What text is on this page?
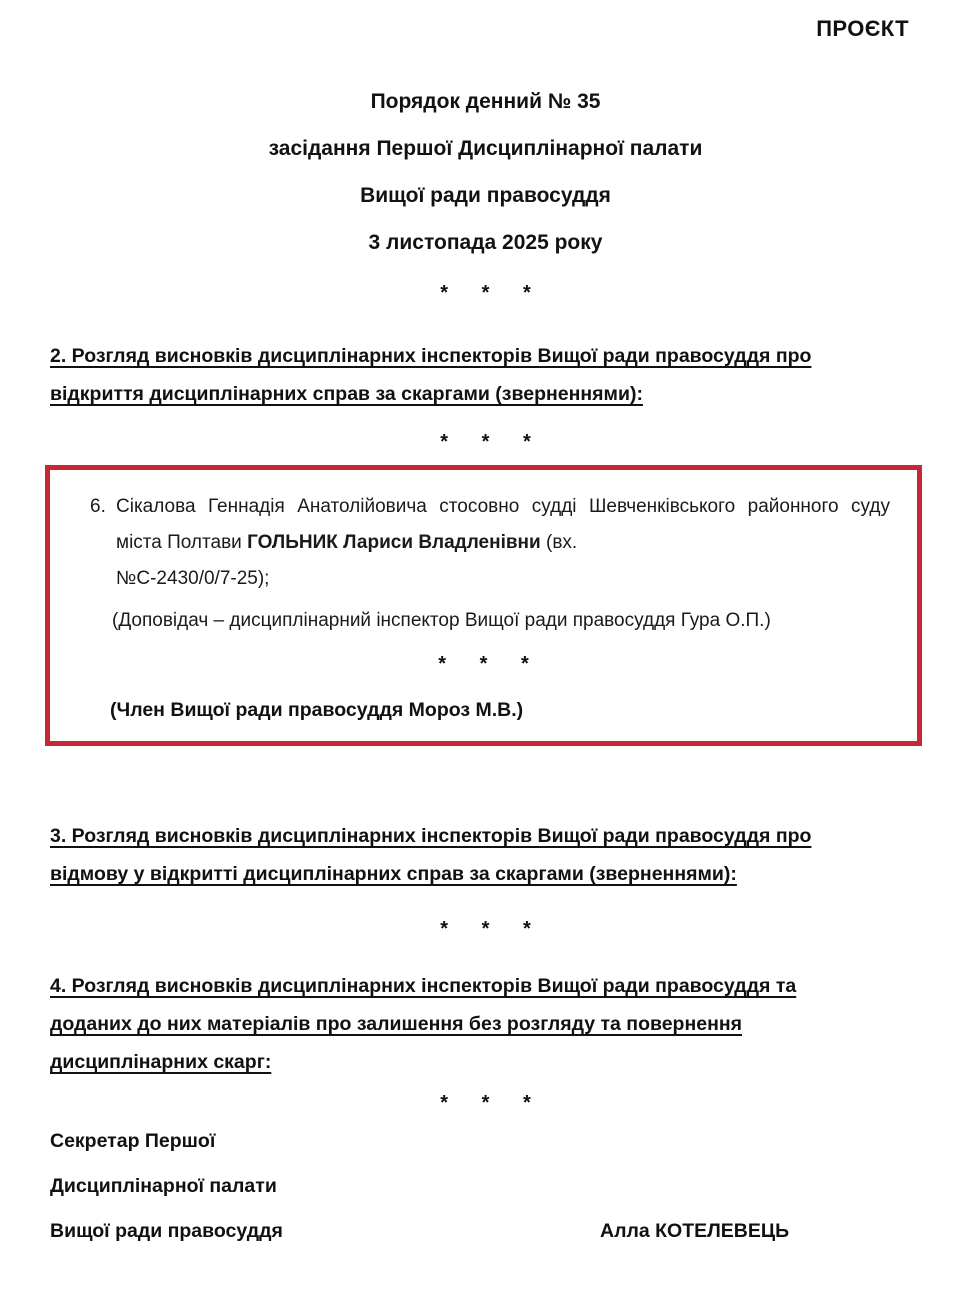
ПРОЄКТ
Порядок денний № 35
засідання Першої Дисциплінарної палати
Вищої ради правосуддя
3 листопада 2025 року
* * *
2. Розгляд висновків дисциплінарних інспекторів Вищої ради правосуддя про
відкриття дисциплінарних справ за скаргами (зверненнями):
* * *
6. Сікалова Геннадія Анатолійовича стосовно судді Шевченківського районного суду міста Полтави ГОЛЬНИК Лариси Владленівни (вх.
№С-2430/0/7-25);
(Доповідач – дисциплінарний інспектор Вищої ради правосуддя Гура О.П.)
* * *
(Член Вищої ради правосуддя Мороз М.В.)
3. Розгляд висновків дисциплінарних інспекторів Вищої ради правосуддя про
відмову у відкритті дисциплінарних справ за скаргами (зверненнями):
* * *
4. Розгляд висновків дисциплінарних інспекторів Вищої ради правосуддя та
доданих до них матеріалів про залишення без розгляду та повернення
дисциплінарних скарг:
* * *
Секретар Першої
Дисциплінарної палати
Вищої ради правосуддя	Алла КОТЕЛЕВЕЦЬ
